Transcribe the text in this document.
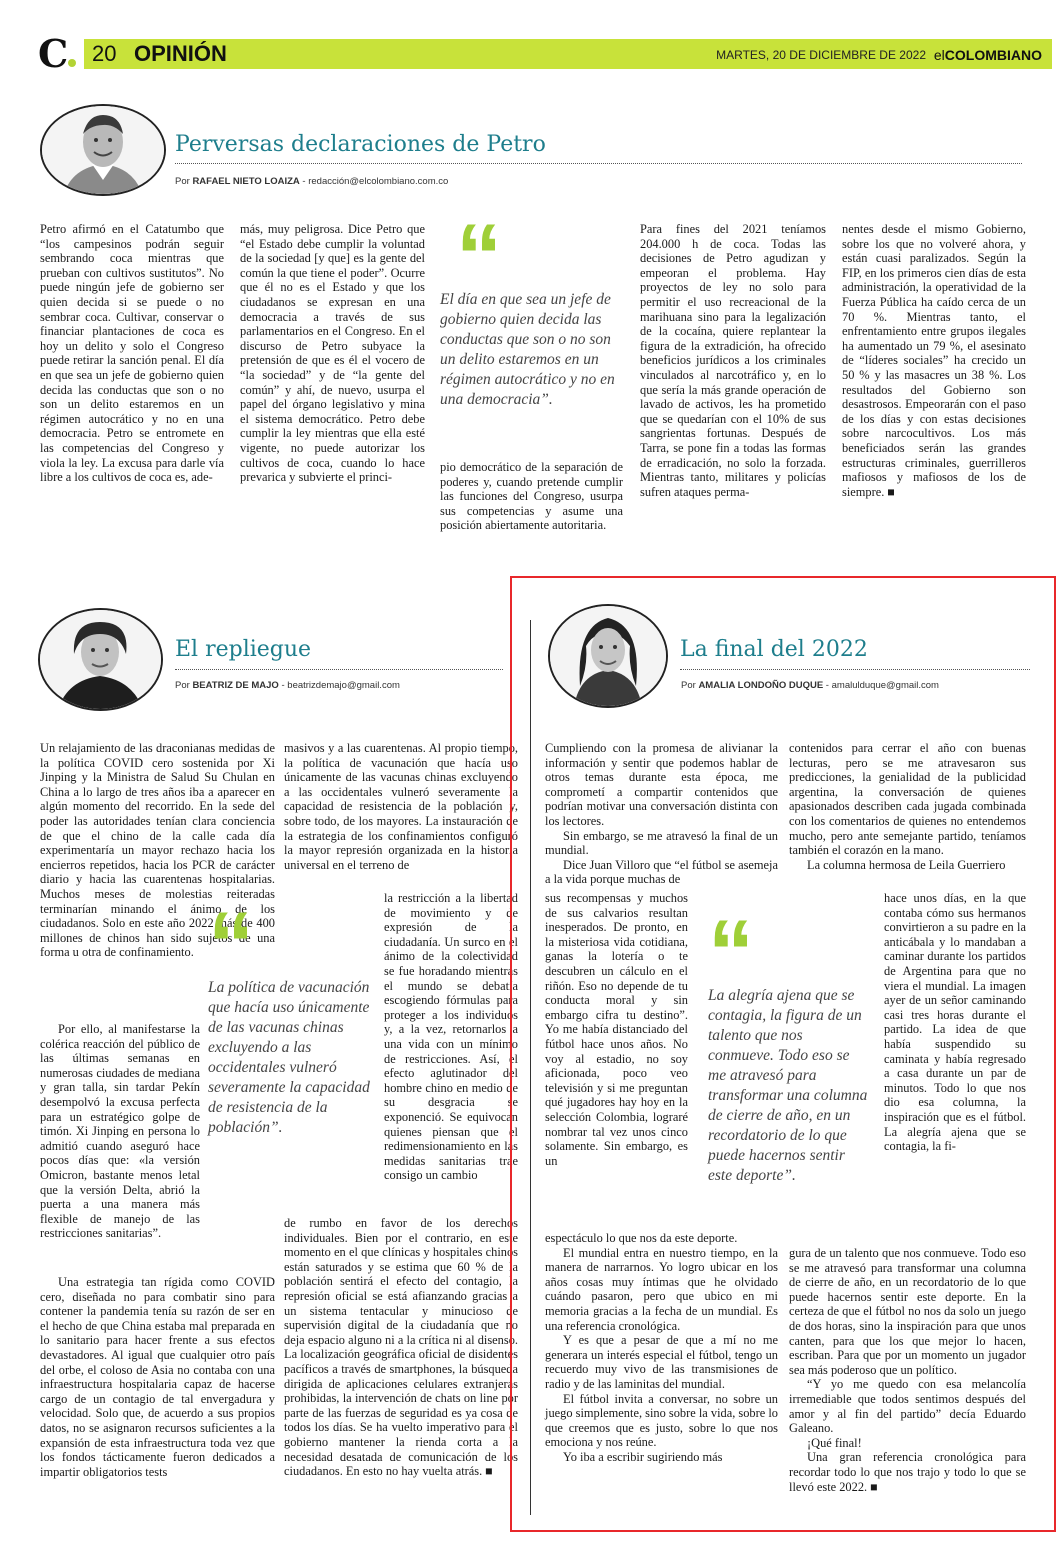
C 20 OPINIÓN	MARTES, 20 DE DICIEMBRE DE 2022 elCOLOMBIANO
Perversas declaraciones de Petro
Por RAFAEL NIETO LOAIZA - redacción@elcolombiano.com.co
Petro afirmó en el Catatumbo que “los campesinos podrán seguir sembrando coca mientras que prueban con cultivos sustitutos”. No puede ningún jefe de gobierno ser quien decida si se puede o no sembrar coca. Cultivar, conservar o financiar plantaciones de coca es hoy un delito y solo el Congreso puede retirar la sanción penal. El día en que sea un jefe de gobierno quien decida las conductas que son o no son un delito estaremos en un régimen autocrático y no en una democracia. Petro se entromete en las competencias del Congreso y viola la ley. La excusa para darle vía libre a los cultivos de coca es, ade-
más, muy peligrosa. Dice Petro que “el Estado debe cumplir la voluntad de la sociedad [y que] es la gente del común la que tiene el poder”. Ocurre que él no es el Estado y que los ciudadanos se expresan en una democracia a través de sus parlamentarios en el Congreso. En el discurso de Petro subyace la pretensión de que es él el vocero de “la sociedad” y de “la gente del común” y ahí, de nuevo, usurpa el papel del órgano legislativo y mina el sistema democrático. Petro debe cumplir la ley mientras que ella esté vigente, no puede autorizar los cultivos de coca, cuando lo hace prevarica y subvierte el princi-
“
El día en que sea un jefe de gobierno quien decida las conductas que son o no son un delito estaremos en un régimen autocrático y no en una democracia”.
pio democrático de la separación de poderes y, cuando pretende cumplir las funciones del Congreso, usurpa sus competencias y asume una posición abiertamente autoritaria.
Para fines del 2021 teníamos 204.000 h de coca. Todas las decisiones de Petro agudizan y empeoran el problema. Hay proyectos de ley no solo para permitir el uso recreacional de la marihuana sino para la legalización de la cocaína, quiere replantear la figura de la extradición, ha ofrecido beneficios jurídicos a los criminales vinculados al narcotráfico y, en lo que sería la más grande operación de lavado de activos, les ha prometido que se quedarían con el 10% de sus sangrientas fortunas. Después de Tarra, se pone fin a todas las formas de erradicación, no solo la forzada. Mientras tanto, militares y policías sufren ataques perma-
nentes desde el mismo Gobierno, sobre los que no volveré ahora, y están cuasi paralizados. Según la FIP, en los primeros cien días de esta administración, la operatividad de la Fuerza Pública ha caído cerca de un 70 %. Mientras tanto, el enfrentamiento entre grupos ilegales ha aumentado un 79 %, el asesinato de “líderes sociales” ha crecido un 50 % y las masacres un 38 %. Los resultados del Gobierno son desastrosos. Empeorarán con el paso de los días y con estas decisiones sobre narcocultivos. Los más beneficiados serán las grandes estructuras criminales, guerrilleros mafiosos y mafiosos de los de siempre. ■
El repliegue
Por BEATRIZ DE MAJO - beatrizdemajo@gmail.com

Un relajamiento de las draconianas medidas de la política COVID cero sostenida por Xi Jinping y la Ministra de Salud Su Chulan en China a lo largo de tres años iba a aparecer en algún momento del recorrido. En la sede del poder las autoridades tenían clara conciencia de que el chino de la calle cada día experimentaría un mayor rechazo hacia los encierros repetidos, hacia los PCR de carácter diario y hacia las cuarentenas hospitalarias. Muchos meses de molestias reiteradas terminarían minando el ánimo de los ciudadanos. Solo en este año 2022 más de 400 millones de chinos han sido sujetos de una forma u otra de confinamiento. “
La política de vacunación que hacía uso únicamente de las vacunas chinas excluyendo a las occidentales vulneró severamente la capacidad de resistencia de la población”.

Por ello, al manifestarse la colérica reacción del público de las últimas semanas en numerosas ciudades de mediana y gran talla, sin tardar Pekín desempolvó la excusa perfecta para un estratégico golpe de timón. Xi Jinping en persona lo admitió cuando aseguró hace pocos días que: «la versión Omicron, bastante menos letal que la versión Delta, abrió la puerta a una manera más flexible de manejo de las restricciones sanitarias”.

Una estrategia tan rígida como COVID cero, diseñada no para combatir sino para contener la pandemia tenía su razón de ser en el hecho de que China estaba mal preparada en lo sanitario para hacer frente a sus efectos devastadores. Al igual que cualquier otro país del orbe, el coloso de Asia no contaba con una infraestructura hospitalaria capaz de hacerse cargo de un contagio de tal envergadura y velocidad. Solo que, de acuerdo a sus propios datos, no se asignaron recursos suficientes a la expansión de esta infraestructura toda vez que los fondos tácticamente fueron dedicados a impartir obligatorios tests

masivos y a las cuarentenas. Al propio tiempo, la política de vacunación que hacía uso únicamente de las vacunas chinas excluyendo a las occidentales vulneró severamente la capacidad de resistencia de la población y, sobre todo, de los mayores. La instauración de la estrategia de los confinamientos configuró la mayor represión organizada en la historia universal en el terreno de
la restricción a la libertad de movimiento y de expresión de la ciudadanía. Un surco en el ánimo de la colectividad se fue horadando mientras el mundo se debatía escogiendo fórmulas para proteger a los individuos y, a la vez, retornarlos a una vida con un mínimo de restricciones. Así, el efecto aglutinador del hombre chino en medio de su desgracia se exponenció. Se equivocan quienes piensan que el redimensionamiento en las medidas sanitarias trae consigo un cambio
de rumbo en favor de los derechos individuales. Bien por el contrario, en este momento en el que clínicas y hospitales chinos están saturados y se estima que 60 % de la población sentirá el efecto del contagio, la represión oficial se está afianzando gracias a un sistema tentacular y minucioso de supervisión digital de la ciudadanía que no deja espacio alguno ni a la crítica ni al disenso. La localización geográfica oficial de disidentes pacíficos a través de smartphones, la búsqueda dirigida de aplicaciones celulares extranjeras prohibidas, la intervención de chats on line por parte de las fuerzas de seguridad es ya cosa de todos los días. Se ha vuelto imperativo para el gobierno mantener la rienda corta a la necesidad desatada de comunicación de los ciudadanos. En esto no hay vuelta atrás. ■
La final del 2022
Por AMALIA LONDOÑO DUQUE - amalulduque@gmail.com

Cumpliendo con la promesa de alivianar la información y sentir que podemos hablar de otros temas durante esta época, me comprometí a compartir contenidos que podrían motivar una conversación distinta con los lectores.

Sin embargo, se me atravesó la final de un mundial.

Dice Juan Villoro que “el fútbol se asemeja a la vida porque muchas de

sus recompensas y muchos de sus calvarios resultan inesperados. De pronto, en la misteriosa vida cotidiana, ganas la lotería o te descubren un cálculo en el riñón. Eso no depende de tu conducta moral y sin embargo cifra tu destino”. Yo me había distanciado del fútbol hace unos años. No voy al estadio, no soy aficionada, poco veo televisión y si me preguntan qué jugadores hay hoy en la selección Colombia, lograré nombrar tal vez unos cinco solamente. Sin embargo, es un
“
La alegría ajena que se contagia, la figura de un talento que nos conmueve. Todo eso se me atravesó para transformar una columna de cierre de año, en un recordatorio de lo que puede hacernos sentir este deporte”.

espectáculo lo que nos da este deporte.

El mundial entra en nuestro tiempo, en la manera de narrarnos. Yo logro ubicar en los años cosas muy íntimas que he olvidado cuándo pasaron, pero que ubico en mi memoria gracias a la fecha de un mundial. Es una referencia cronológica.

Y es que a pesar de que a mí no me generara un interés especial el fútbol, tengo un recuerdo muy vivo de las transmisiones de radio y de las laminitas del mundial.

El fútbol invita a conversar, no sobre un juego simplemente, sino sobre la vida, sobre lo que creemos que es justo, sobre lo que nos emociona y nos reúne.

Yo iba a escribir sugiriendo más

contenidos para cerrar el año con buenas lecturas, pero se me atravesaron sus predicciones, la genialidad de la publicidad argentina, la conversación de quienes apasionados describen cada jugada combinada con los comentarios de quienes no entendemos mucho, pero ante semejante partido, teníamos también el corazón en la mano.

La columna hermosa de Leila Guerriero

hace unos días, en la que contaba cómo sus hermanos convirtieron a su padre en la anticábala y lo mandaban a caminar durante los partidos de Argentina para que no viera el mundial. La imagen ayer de un señor caminando casi tres horas durante el partido. La idea de que había suspendido su caminata y había regresado a casa durante un par de minutos. Todo lo que nos dio esa columna, la inspiración que es el fútbol. La alegría ajena que se contagia, la fi-

gura de un talento que nos conmueve. Todo eso se me atravesó para transformar una columna de cierre de año, en un recordatorio de lo que puede hacernos sentir este deporte. En la certeza de que el fútbol no nos da solo un juego de dos horas, sino la inspiración para que unos canten, para que los que mejor lo hacen, escriban. Para que por un momento un jugador sea más poderoso que un político.

“Y yo me quedo con esa melancolía irremediable que todos sentimos después del amor y al fin del partido” decía Eduardo Galeano.

¡Qué final!

Una gran referencia cronológica para recordar todo lo que nos trajo y todo lo que se llevó este 2022. ■
